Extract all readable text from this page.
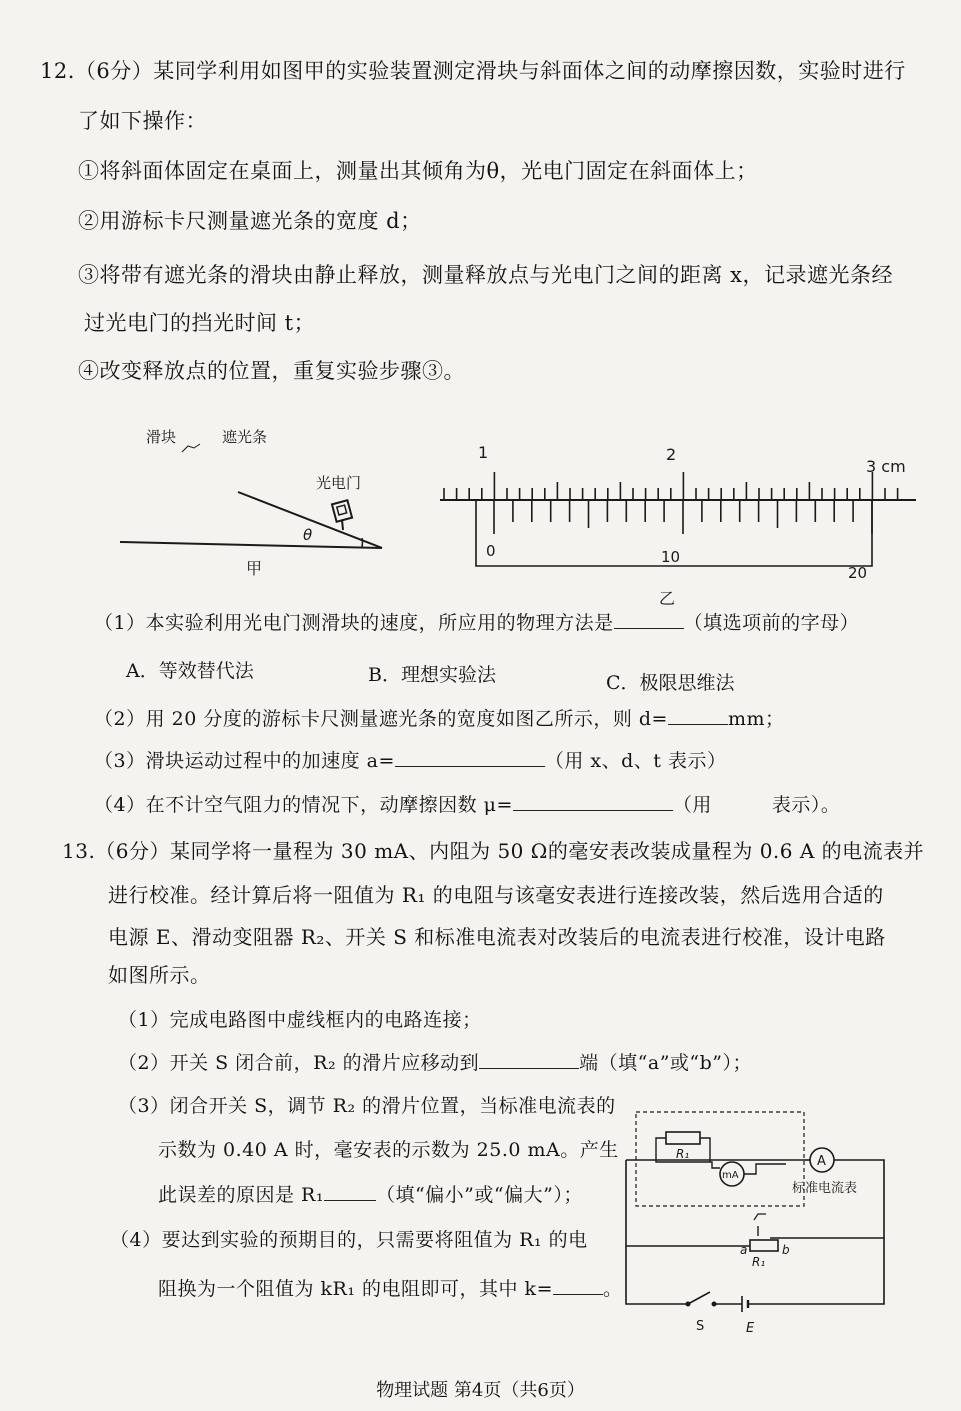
12.（6分）某同学利用如图甲的实验装置测定滑块与斜面体之间的动摩擦因数，实验时进行
了如下操作：
①将斜面体固定在桌面上，测量出其倾角为θ，光电门固定在斜面体上；
②用游标卡尺测量遮光条的宽度 d；
③将带有遮光条的滑块由静止释放，测量释放点与光电门之间的距离 x，记录遮光条经
过光电门的挡光时间 t；
④改变释放点的位置，重复实验步骤③。
θ
光电门
滑块	遮光条
甲
1	2
3 cm
0	10
20
乙
（1）本实验利用光电门测滑块的速度，所应用的物理方法是	（填选项前的字母）
A．等效替代法	B．理想实验法	C．极限思维法
（2）用 20 分度的游标卡尺测量遮光条的宽度如图乙所示，则 d=	mm；
（3）滑块运动过程中的加速度 a=	（用 x、d、t 表示）
（4）在不计空气阻力的情况下，动摩擦因数 μ=	（用	表示）。
13.（6分）某同学将一量程为 30 mA、内阻为 50 Ω的毫安表改装成量程为 0.6 A 的电流表并
进行校准。经计算后将一阻值为 R₁ 的电阻与该毫安表进行连接改装，然后选用合适的
电源 E、滑动变阻器 R₂、开关 S 和标准电流表对改装后的电流表进行校准，设计电路
如图所示。
（1）完成电路图中虚线框内的电路连接；
（2）开关 S 闭合前，R₂ 的滑片应移动到	端（填“a”或“b”）；
（3）闭合开关 S，调节 R₂ 的滑片位置，当标准电流表的
示数为 0.40 A 时，毫安表的示数为 25.0 mA。产生
此误差的原因是 R₁	（填“偏小”或“偏大”）；
（4）要达到实验的预期目的，只需要将阻值为 R₁ 的电
阻换为一个阻值为 kR₁ 的电阻即可，其中 k=	。
R₁
mA
A
标准电流表
a	b
R₁
S	E
物理试题 第4页（共6页）
